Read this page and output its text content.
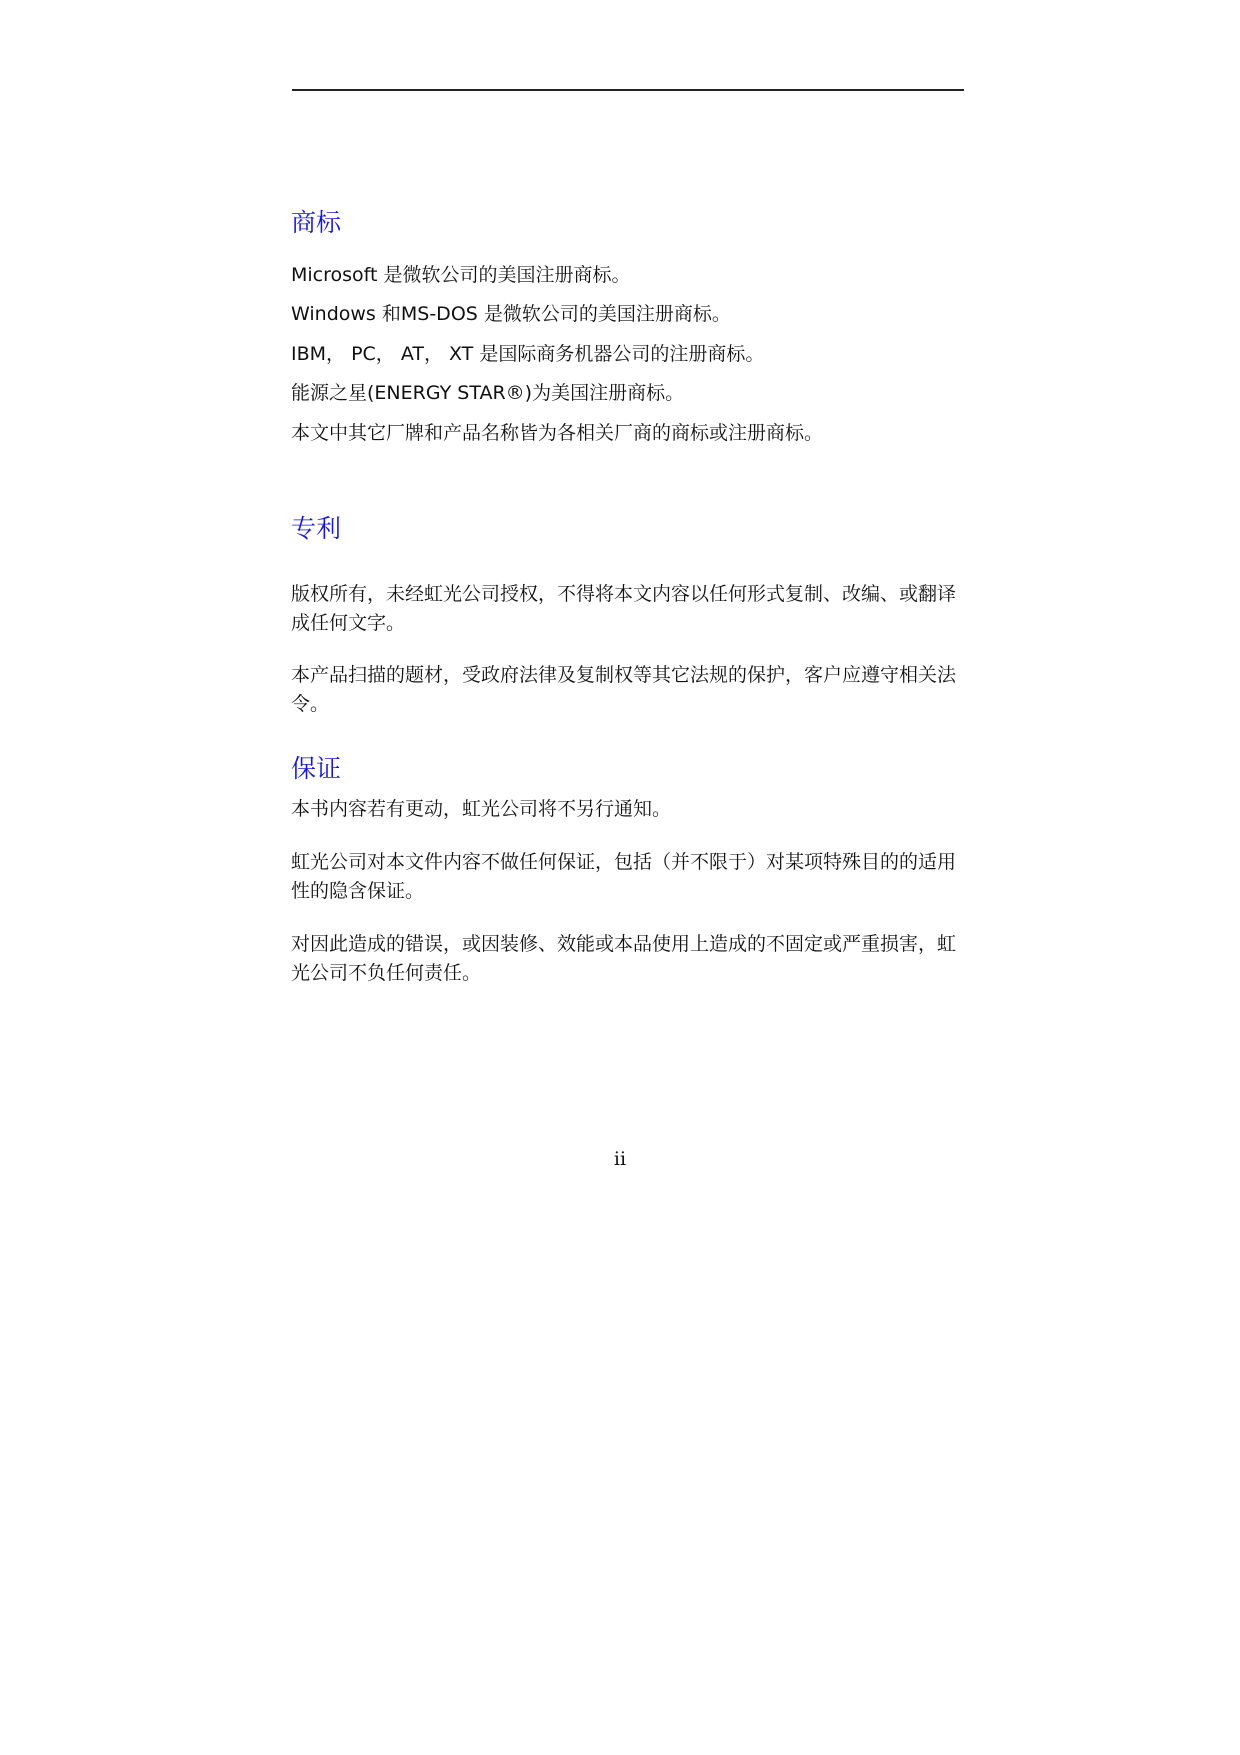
商标
Microsoft 是微软公司的美国注册商标。
Windows 和MS-DOS 是微软公司的美国注册商标。
IBM， PC， AT， XT 是国际商务机器公司的注册商标。
能源之星(ENERGY STAR®)为美国注册商标。
本文中其它厂牌和产品名称皆为各相关厂商的商标或注册商标。
专利
版权所有，未经虹光公司授权，不得将本文内容以任何形式复制、改编、或翻译成任何文字。
本产品扫描的题材，受政府法律及复制权等其它法规的保护，客户应遵守相关法令。
保证
本书内容若有更动，虹光公司将不另行通知。
虹光公司对本文件内容不做任何保证，包括（并不限于）对某项特殊目的的适用性的隐含保证。
对因此造成的错误，或因装修、效能或本品使用上造成的不固定或严重损害，虹光公司不负任何责任。
ii
